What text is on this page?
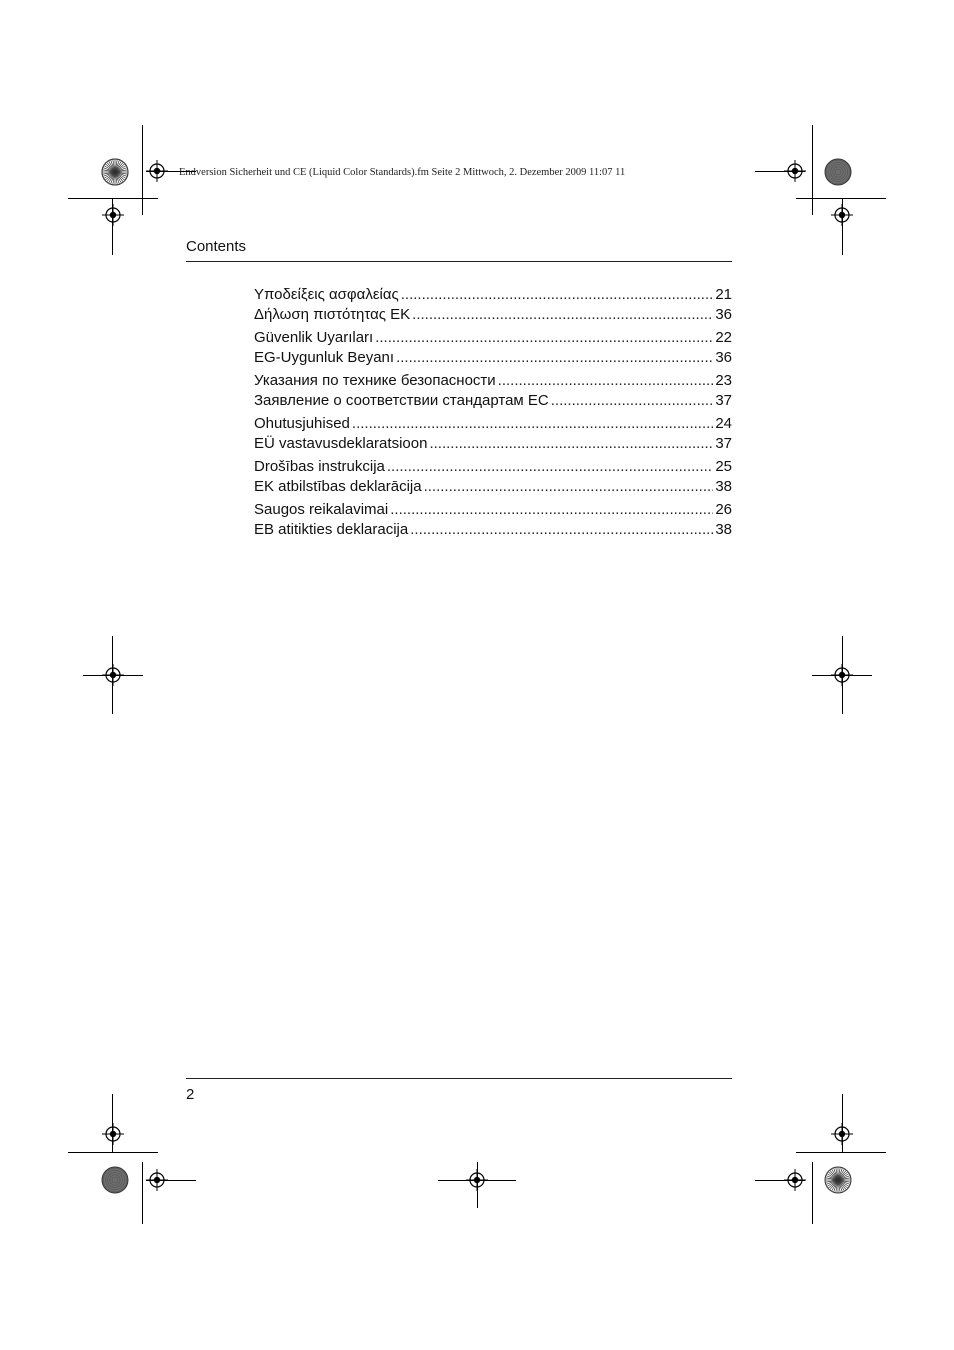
Endversion Sicherheit und CE (Liquid Color Standards).fm Seite 2 Mittwoch, 2. Dezember 2009 11:07 11
Contents
Υποδείξεις ασφαλείας .....	21
Δήλωση πιστότητας ΕΚ .....	36
Güvenlik Uyarıları .....	22
EG-Uygunluk Beyanı .....	36
Указания по технике безопасности .....	23
Заявление о соответствии стандартам ЕС .....	37
Ohutusjuhised .....	24
EÜ vastavusdeklaratsioon .....	37
Drošības instrukcija .....	25
EK atbilstības deklarācija .....	38
Saugos reikalavimai .....	26
EB atitikties deklaracija .....	38
2
